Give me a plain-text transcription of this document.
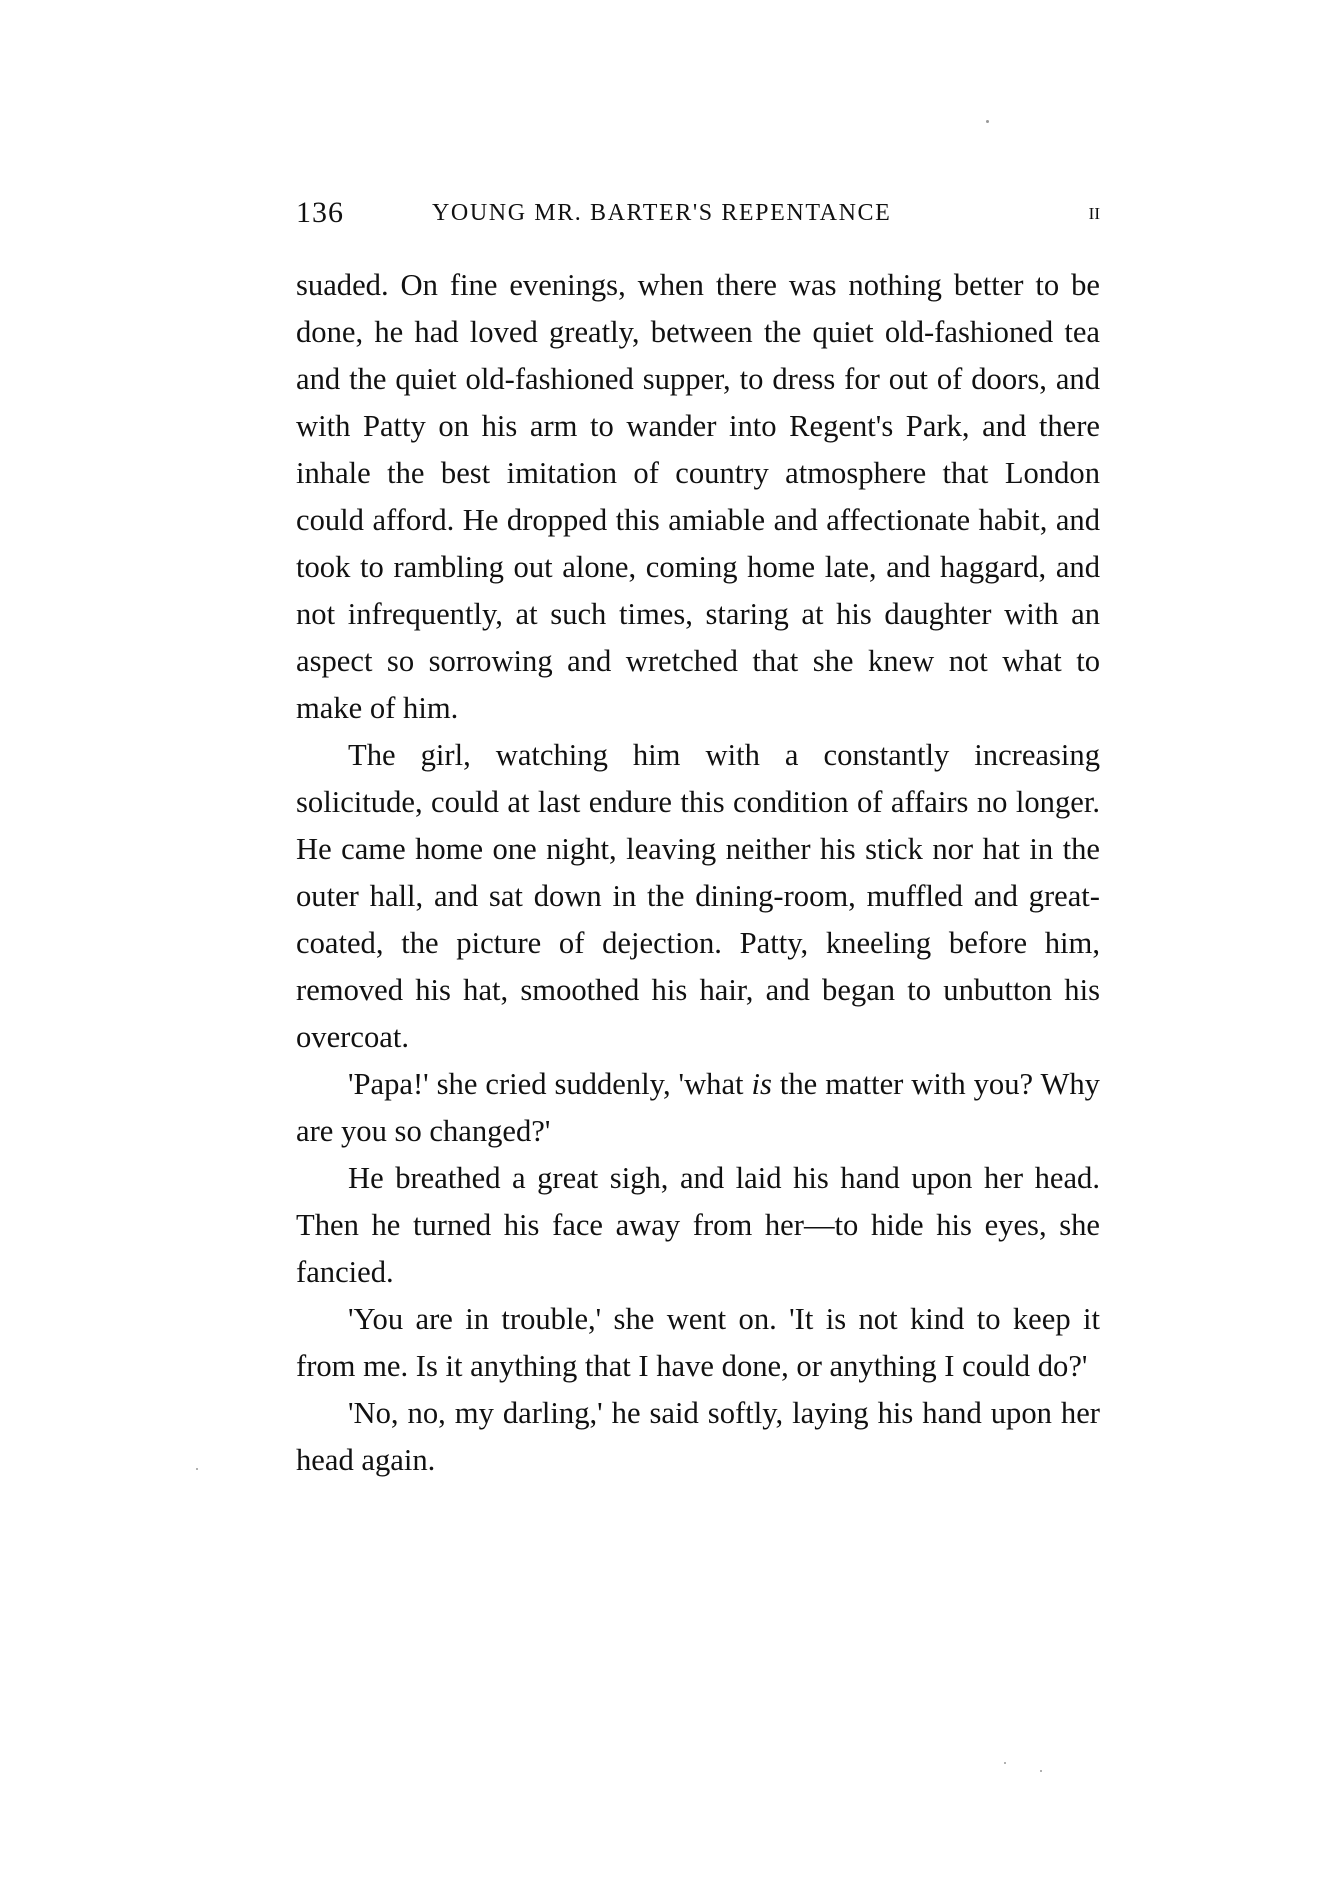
136	YOUNG MR. BARTER'S REPENTANCE	II

suaded. On fine evenings, when there was nothing better to be done, he had loved greatly, between the quiet old-fashioned tea and the quiet old-fashioned supper, to dress for out of doors, and with Patty on his arm to wander into Regent's Park, and there inhale the best imitation of country atmosphere that London could afford. He dropped this amiable and affectionate habit, and took to rambling out alone, coming home late, and haggard, and not infrequently, at such times, staring at his daughter with an aspect so sorrowing and wretched that she knew not what to make of him.

The girl, watching him with a constantly increasing solicitude, could at last endure this condition of affairs no longer. He came home one night, leaving neither his stick nor hat in the outer hall, and sat down in the dining-room, muffled and great-coated, the picture of dejection. Patty, kneeling before him, removed his hat, smoothed his hair, and began to unbutton his overcoat.

'Papa!' she cried suddenly, 'what is the matter with you? Why are you so changed?'

He breathed a great sigh, and laid his hand upon her head. Then he turned his face away from her—to hide his eyes, she fancied.

'You are in trouble,' she went on. 'It is not kind to keep it from me. Is it anything that I have done, or anything I could do?'

'No, no, my darling,' he said softly, laying his hand upon her head again.
